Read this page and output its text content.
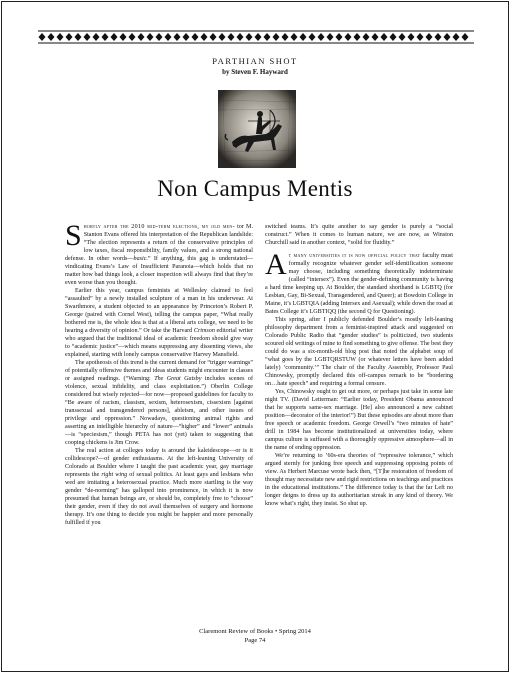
PARTHIAN SHOT
by Steven F. Hayward
Non Campus Mentis

Shortly after the 2010 mid-term elections, my old men- tor M. Stanton Evans offered his interpretation of the Republican landslide: “The election represents a return of the conservative principles of low taxes, fiscal responsibility, family values, and a strong national defense. In other words—basic.” If anything, this gag is understated—vindicating Evans’s Law of Insufficient Paranoia—which holds that no matter how bad things look, a closer inspection will always find that they’re even worse than you thought.

Earlier this year, campus feminists at Wellesley claimed to feel “assaulted” by a newly installed sculpture of a man in his underwear. At Swarthmore, a student objected to an appearance by Princeton’s Robert P. George (paired with Cornel West), telling the campus paper, “What really bothered me is, the whole idea is that at a liberal arts college, we need to be hearing a diversity of opinion.” Or take the Harvard Crimson editorial writer who argued that the traditional ideal of academic freedom should give way to “academic justice”—which means suppressing any dissenting views, she explained, starting with lonely campus conservative Harvey Mansfield.

The apotheosis of this trend is the current demand for “trigger warnings” of potentially offensive themes and ideas students might encounter in classes or assigned readings. (“Warning: The Great Gatsby includes scenes of violence, sexual infidelity, and class exploitation.”) Oberlin College considered but wisely rejected—for now—proposed guidelines for faculty to “Be aware of racism, classism, sexism, heterosexism, cissexism [against transsexual and transgendered persons], ableism, and other issues of privilege and oppression.” Nowadays, questioning animal rights and asserting an intelligible hierarchy of nature—“higher” and “lower” animals—is “speciesism,” though PETA has not (yet) taken to suggesting that cooping chickens is Jim Crow.

The real action at colleges today is around the kaleidescope—or is it collidescope?—of gender enthusiasms. At the left-leaning University of Colorado at Boulder where I taught the past academic year, gay marriage represents the right wing of sexual politics. At least gays and lesbians who wed are imitating a heterosexual practice. Much more startling is the way gender “de-norming” has galloped into prominence, in which it is now presumed that human beings are, or should be, completely free to “choose” their gender, even if they do not avail themselves of surgery and hormone therapy. It’s one thing to decide you might be happier and more personally fulfilled if you

switched teams. It’s quite another to say gender is purely a “social construct.” When it comes to human nature, we are now, as Winston Churchill said in another context, “solid for fluidity.”

At many universities it is now official policy that faculty must formally recognize whatever gender self-identification someone may choose, including something theoretically indeterminate (called “intersex”). Even the gender-defining community is having a hard time keeping up. At Boulder, the standard shorthand is LGBTQ (for Lesbian, Gay, Bi-Sexual, Transgendered, and Queer); at Bowdoin College in Maine, it’s LGBTQIA (adding Intersex and Asexual); while down the road at Bates College it’s LGBTIQQ (the second Q for Questioning).

This spring, after I publicly defended Boulder’s mostly left-leaning philosophy department from a feminist-inspired attack and suggested on Colorado Public Radio that “gender studies” is politicized, two students scoured old writings of mine to find something to give offense. The best they could do was a six-month-old blog post that noted the alphabet soup of “what goes by the LGBTQRSTUW (or whatever letters have been added lately) ‘community.’” The chair of the Faculty Assembly, Professor Paul Chinowsky, promptly declared this off-campus remark to be “bordering on…hate speech” and requiring a formal censure.

Yes, Chinowsky ought to get out more, or perhaps just take in some late night TV. (David Letterman: “Earlier today, President Obama announced that he supports same-sex marriage. [He] also announced a new cabinet position—decorator of the interior!”) But these episodes are about more than free speech or academic freedom. George Orwell’s “two minutes of hate” drill in 1984 has become institutionalized at universities today, where campus culture is suffused with a thoroughly oppressive atmosphere—all in the name of ending oppression.

We’re returning to ’60s-era theories of “repressive tolerance,” which argued sternly for junking free speech and suppressing opposing points of view. As Herbert Marcuse wrote back then, “[T]he restoration of freedom of thought may necessitate new and rigid restrictions on teachings and practices in the educational institutions.” The difference today is that the far Left no longer deigns to dress up its authoritarian streak in any kind of theory. We know what’s right, they insist. So shut up.

Claremont Review of Books • Spring 2014
Page 74
